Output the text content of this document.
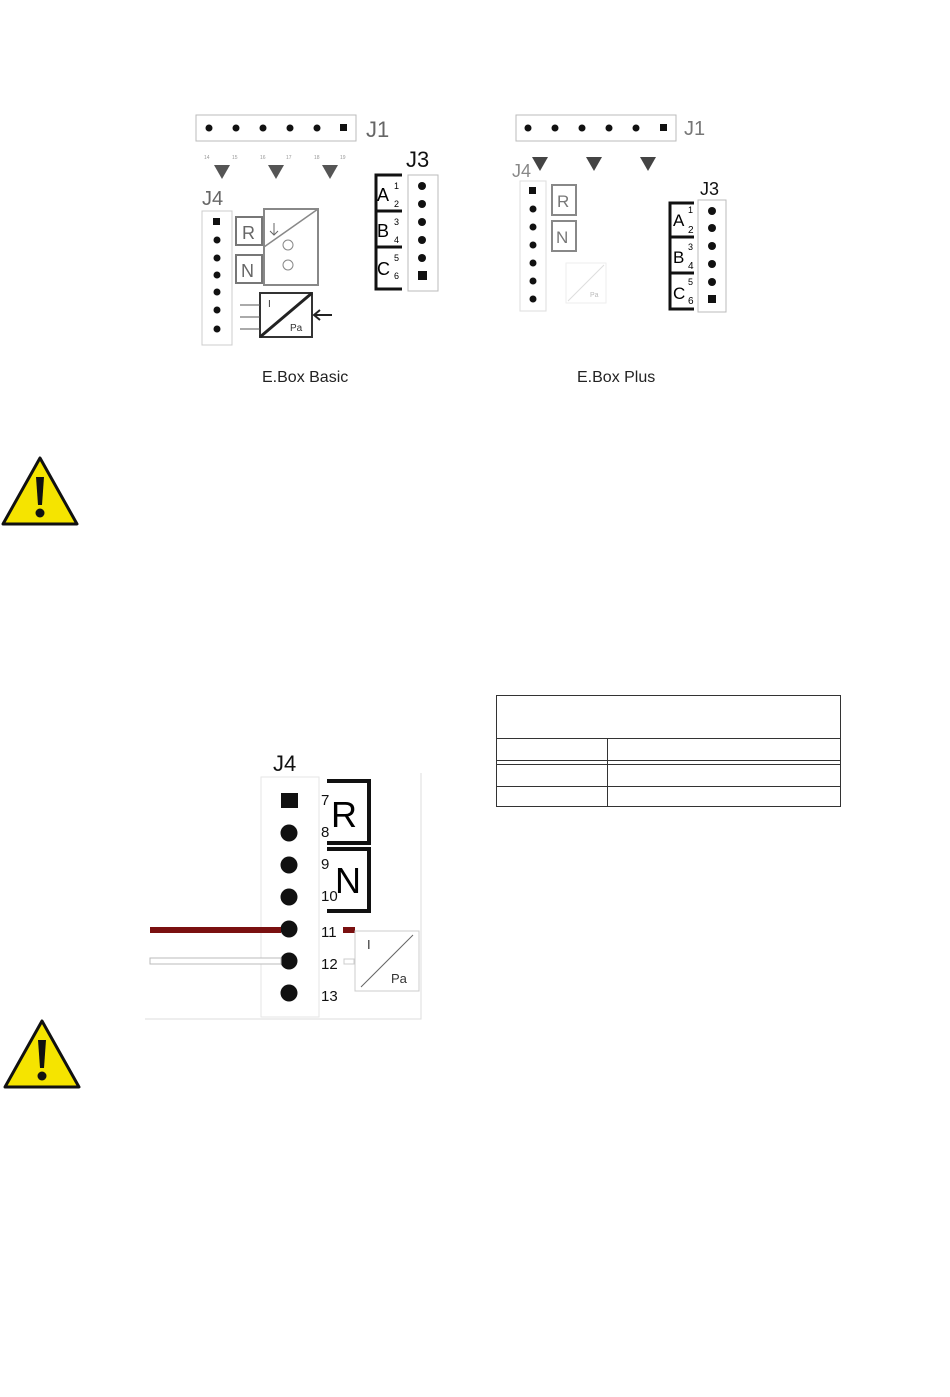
J1
14	15	16	17	18	19
J4
R
N
I
Pa
J3
A 1
2
B 3
4
C
5
6
E.Box Basic
J1
J4
R
N
Pa
J3
A
1
2
B
3
4
C
5
6
E.Box Plus
J4
7
8
9
10
11
12
13
R
N
I
Pa
